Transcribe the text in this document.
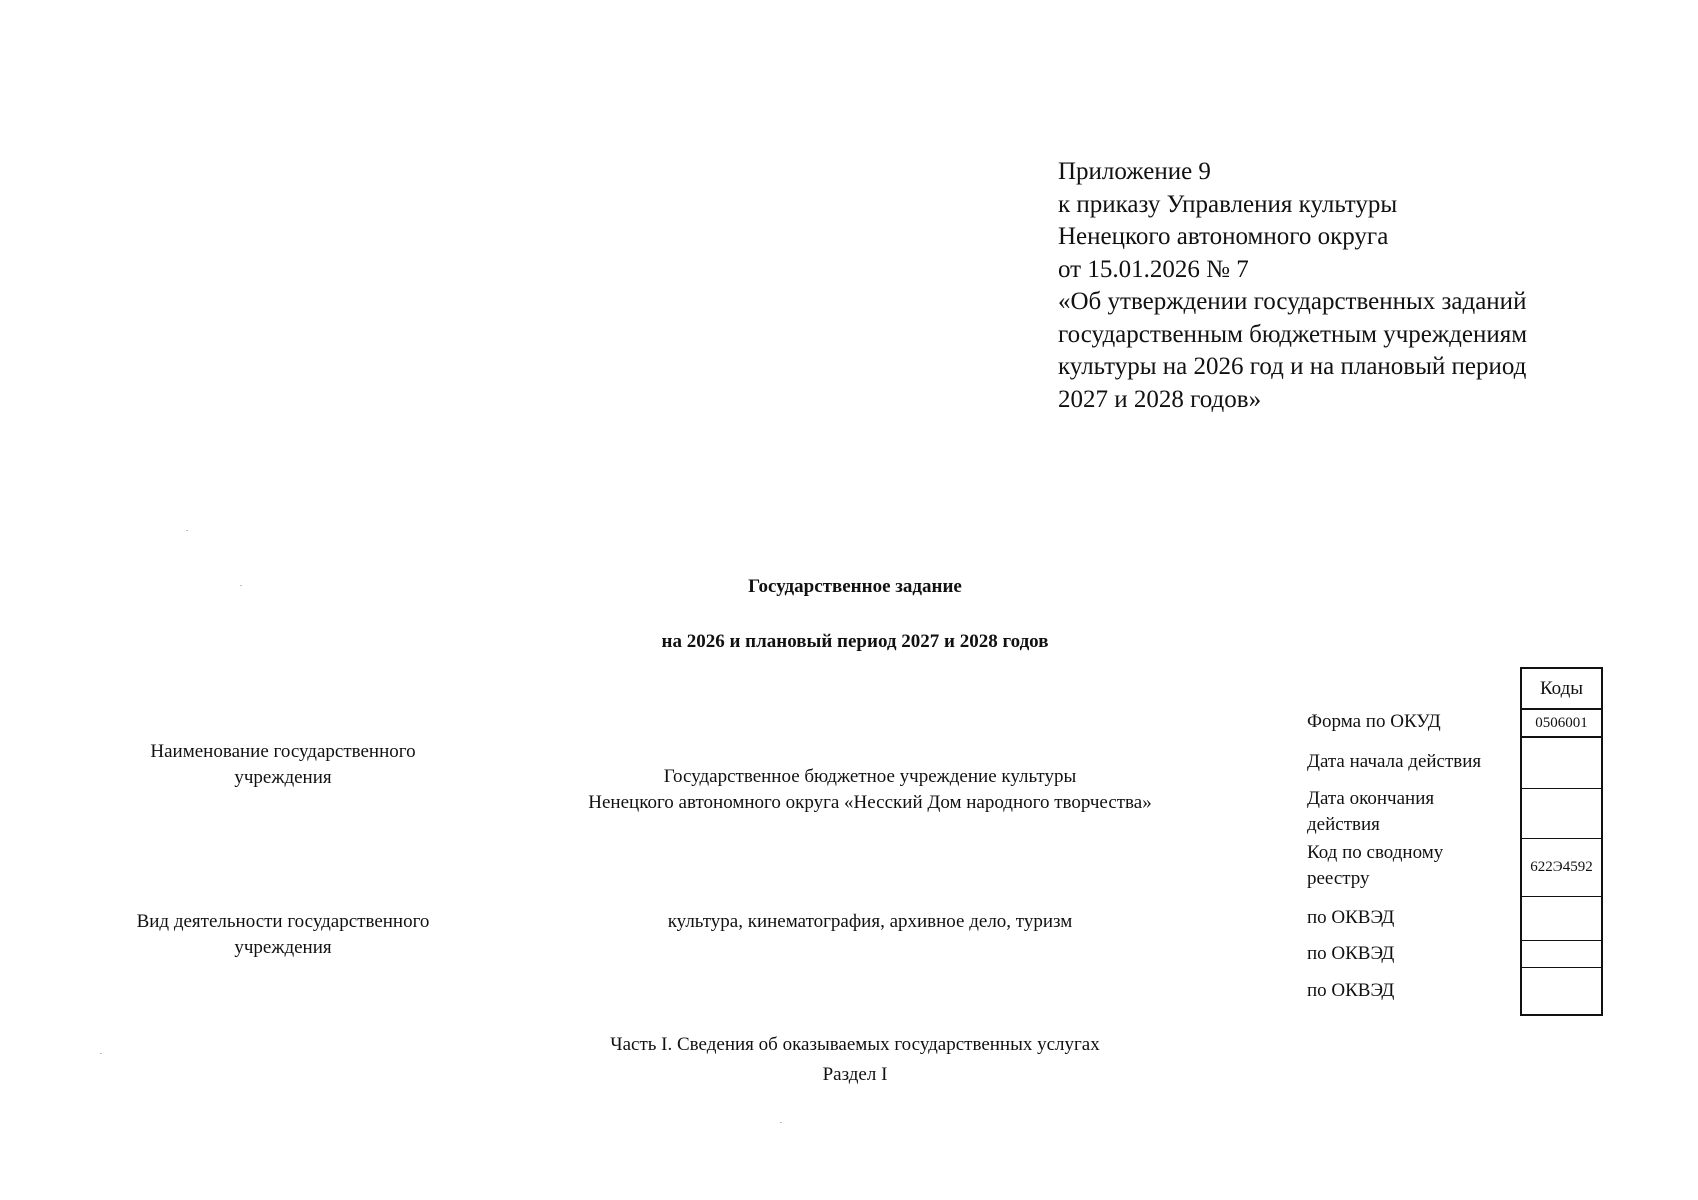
Приложение 9
к приказу Управления культуры
Ненецкого автономного округа
от 15.01.2026 № 7
«Об утверждении государственных заданий
государственным бюджетным учреждениям
культуры на 2026 год и на плановый период
2027 и 2028 годов»
Государственное задание
на 2026 и плановый период 2027 и 2028 годов
Наименование государственного
учреждения	Государственное бюджетное учреждение культуры
Ненецкого автономного округа «Несский Дом народного творчества»
Вид деятельности государственного
учреждения
культура, кинематография, архивное дело, туризм
Форма по ОКУД
Дата начала действия
Дата окончания действия
Код по сводному реестру
по ОКВЭД
по ОКВЭД
по ОКВЭД
Коды
0506001
622Э4592
Часть I. Сведения об оказываемых государственных услугах
Раздел I
